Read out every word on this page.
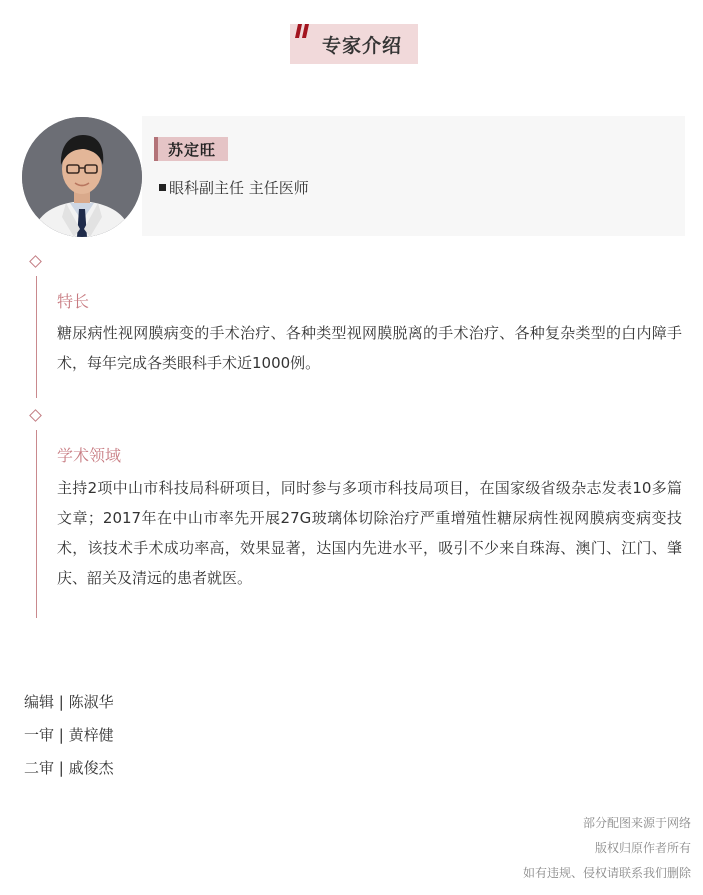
专家介绍
苏定旺
眼科副主任 主任医师
特长
糖尿病性视网膜病变的手术治疗、各种类型视网膜脱离的手术治疗、各种复杂类型的白内障手术，每年完成各类眼科手术近1000例。
学术领域
主持2项中山市科技局科研项目，同时参与多项市科技局项目，在国家级省级杂志发表10多篇文章；2017年在中山市率先开展27G玻璃体切除治疗严重增殖性糖尿病性视网膜病变病变技术，该技术手术成功率高，效果显著，达国内先进水平，吸引不少来自珠海、澳门、江门、肇庆、韶关及清远的患者就医。
编辑 | 陈淑华
一审 | 黄梓健
二审 | 戚俊杰
部分配图来源于网络
版权归原作者所有
如有违规、侵权请联系我们删除
